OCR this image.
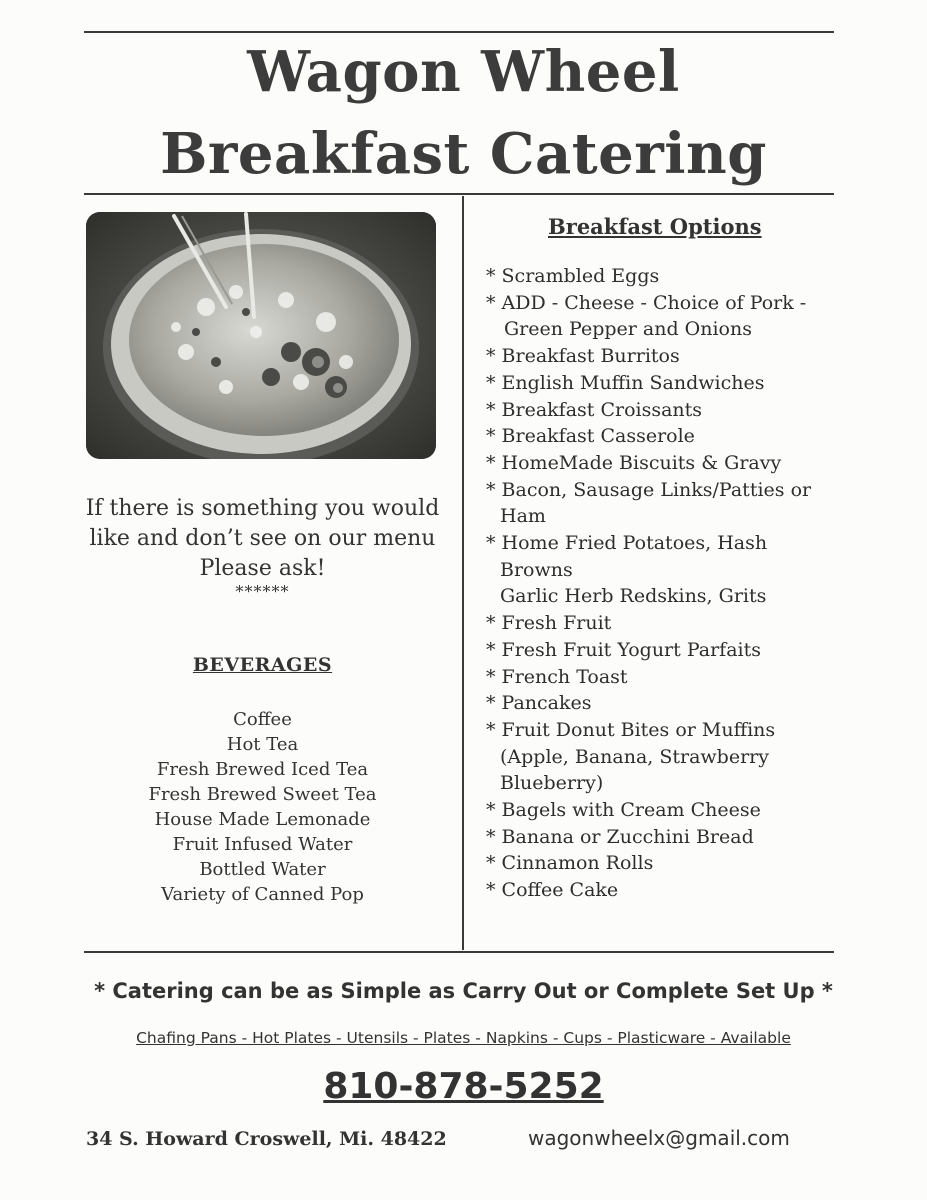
Wagon Wheel
Breakfast Catering
If there is something you would like and don’t see on our menu Please ask!
******
BEVERAGES
Coffee
Hot Tea
Fresh Brewed Iced Tea
Fresh Brewed Sweet Tea
House Made Lemonade
Fruit Infused Water
Bottled Water
Variety of Canned Pop
Breakfast Options
* Scrambled Eggs
* ADD - Cheese - Choice of Pork -
Green Pepper and Onions
* Breakfast Burritos
* English Muffin Sandwiches
* Breakfast Croissants
* Breakfast Casserole
* HomeMade Biscuits & Gravy
* Bacon, Sausage Links/Patties or
Ham
* Home Fried Potatoes, Hash
Browns
Garlic Herb Redskins, Grits
* Fresh Fruit
* Fresh Fruit Yogurt Parfaits
* French Toast
* Pancakes
* Fruit Donut Bites or Muffins
(Apple, Banana, Strawberry
Blueberry)
* Bagels with Cream Cheese
* Banana or Zucchini Bread
* Cinnamon Rolls
* Coffee Cake
* Catering can be as Simple as Carry Out or Complete Set Up *
Chafing Pans - Hot Plates - Utensils - Plates - Napkins - Cups - Plasticware - Available
810-878-5252
34 S. Howard Croswell, Mi. 48422	wagonwheelx@gmail.com
